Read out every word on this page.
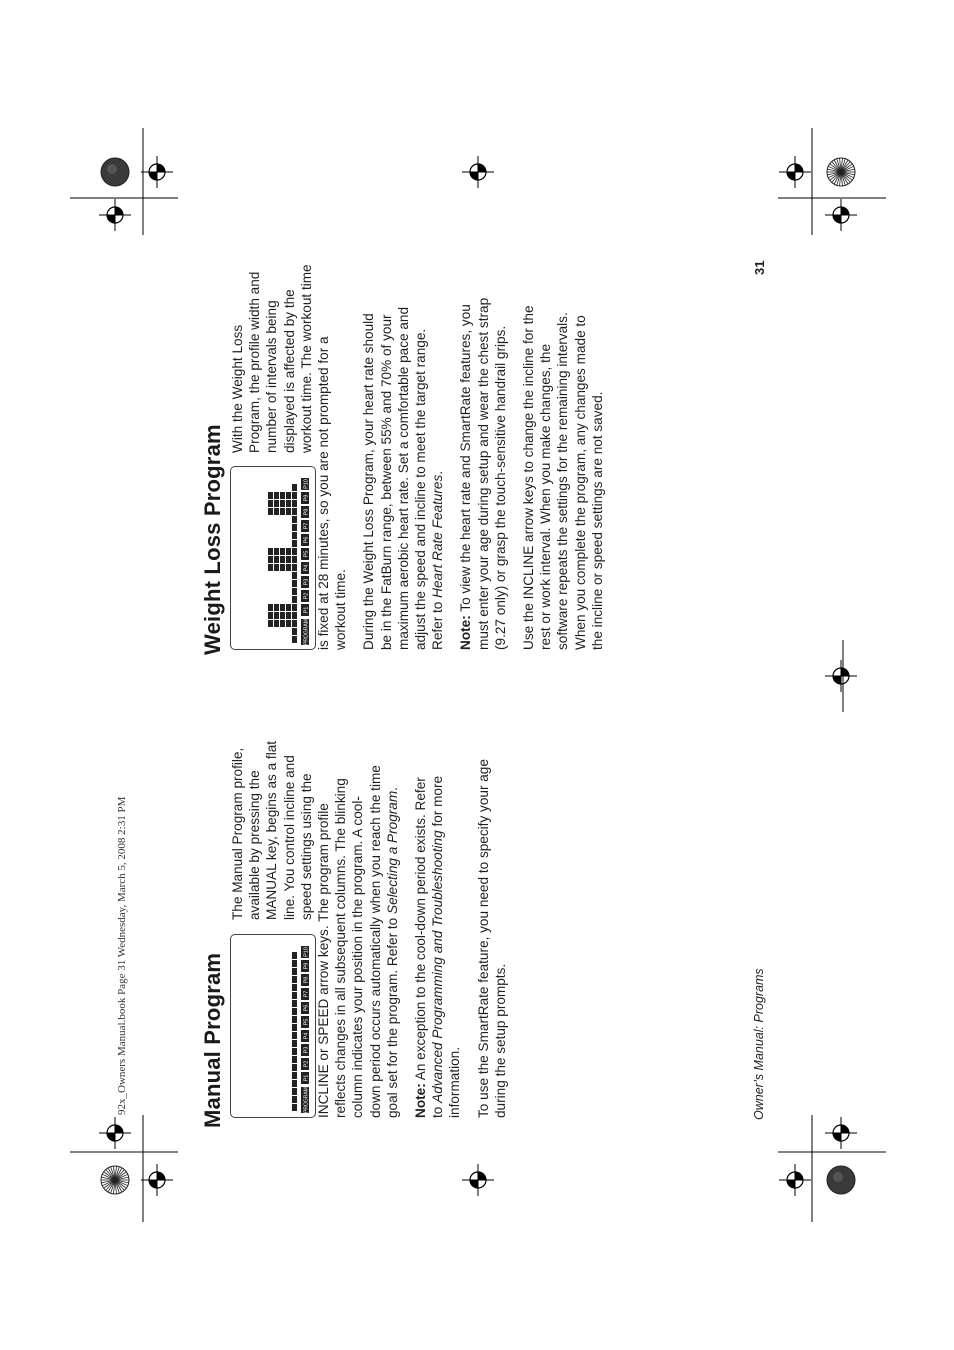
92x_Owners Manual.book Page 31 Wednesday, March 5, 2008 2:31 PM	Manual Program	PROGRAM
P1
P2
P3
P4
P5
P6
P7
P8
P9
P10
The Manual Program profile, available by pressing the MANUAL key, begins as a flat line. You control incline and speed settings using the INCLINE or SPEED arrow keys. The program profile reflects changes in all subsequent columns. The blinking column indicates your position in the program. A cool- down period occurs automatically when you reach the time goal set for the program. Refer to Selecting a Program.

Note: An exception to the cool-down period exists. Refer
to Advanced Programming and Troubleshooting for more
information. To use the SmartRate feature, you need to specify your age during the setup prompts.

Weight Loss Program	PROGRAM
P1
P2
P3
P4
P5
P6
P7
P8
P9
P10
With the Weight Loss Program, the profile width and number of intervals being displayed is affected by the workout time. The workout time is fixed at 28 minutes, so you are not prompted for a workout time. During the Weight Loss Program, your heart rate should be in the FatBurn range, between 55% and 70% of your maximum aerobic heart rate. Set a comfortable pace and adjust the speed and incline to meet the target range. Refer to Heart Rate Features.

Note: To view the heart rate and SmartRate features, you must enter your age during setup and wear the chest strap (9.27 only) or grasp the touch-sensitive handrail grips. Use the INCLINE arrow keys to change the incline for the rest or work interval. When you make changes, the software repeats the settings for the remaining intervals. When you complete the program, any changes made to the incline or speed settings are not saved.

Owner’s Manual: Programs
31
